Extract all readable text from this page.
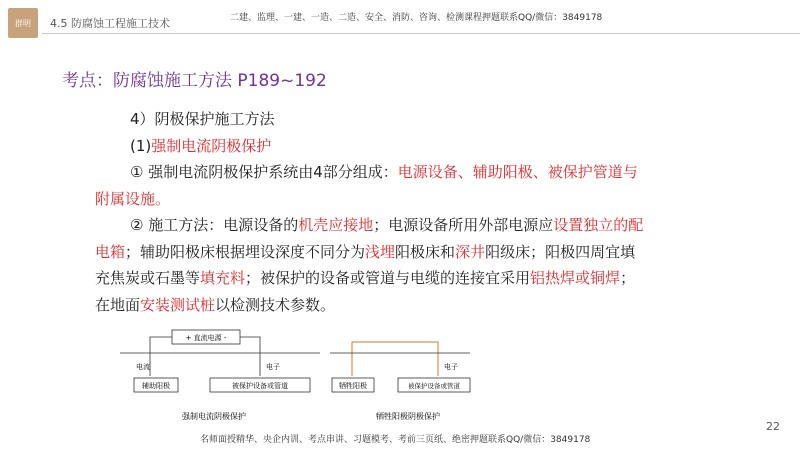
群明	4.5 防腐蚀工程施工技术	二建、监理、一建、一造、二造、安全、消防、咨询、检测课程押题联系QQ/微信：3849178
考点：防腐蚀施工方法 P189~192

4）阴极保护施工方法

(1)强制电流阴极保护

① 强制电流阴极保护系统由4部分组成：电源设备、辅助阳极、被保护管道与附属设施。

② 施工方法：电源设备的机壳应接地；电源设备所用外部电源应设置独立的配电箱；辅助阳极床根据埋设深度不同分为浅埋阳极床和深井阳级床；阳极四周宜填充焦炭或石墨等填充料；被保护的设备或管道与电缆的连接宜采用铝热焊或铜焊；在地面安装测试桩以检测技术参数。

+ 直流电源 -
电流	电子
辅助阳极	被保护设备或管道
强制电流阴极保护
电子
牺牲阳极	被保护设备或管道
牺牲阳极阴极保护
22
名师面授精华、央企内训、考点串讲、习题模考、考前三页纸、绝密押题联系QQ/微信：3849178
